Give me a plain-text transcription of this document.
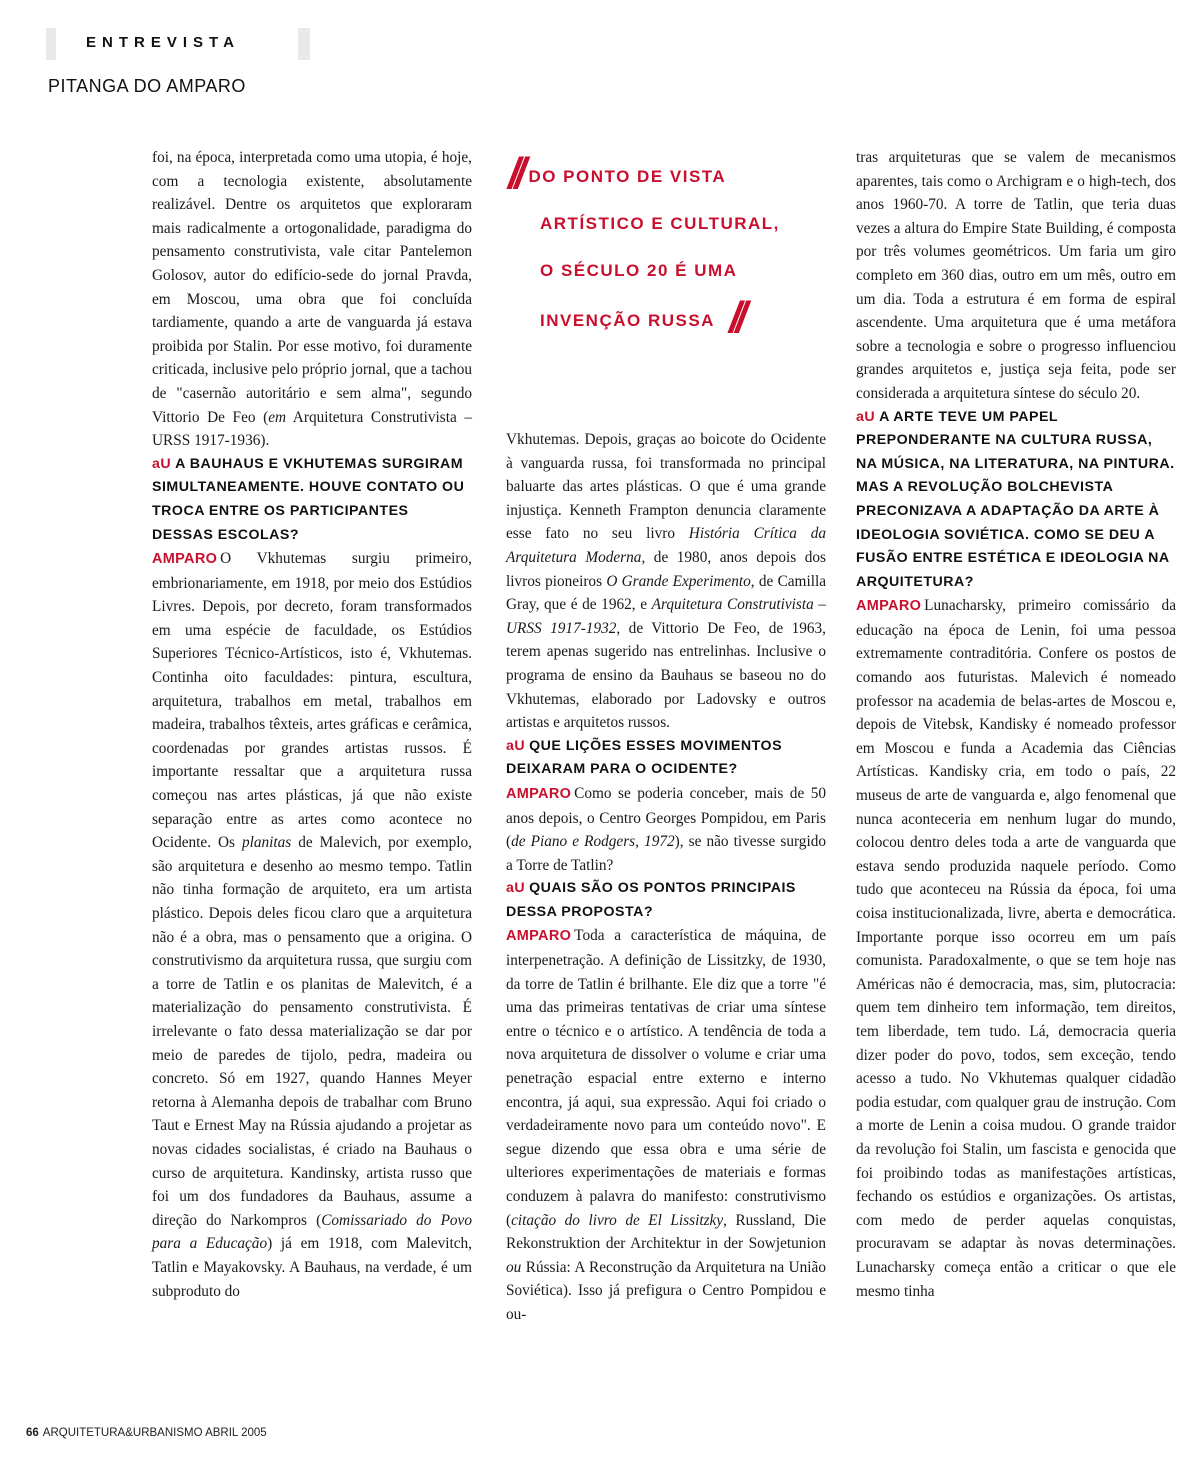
ENTREVISTA
PITANGA DO AMPARO

foi, na época, interpretada como uma utopia, é hoje, com a tecnologia existente, absolutamente realizável. Dentre os arquitetos que exploraram mais radicalmente a ortogonalidade, paradigma do pensamento construtivista, vale citar Pantelemon Golosov, autor do edifício-sede do jornal Pravda, em Moscou, uma obra que foi concluída tardiamente, quando a arte de vanguarda já estava proibida por Stalin. Por esse motivo, foi duramente criticada, inclusive pelo próprio jornal, que a tachou de "casernão autoritário e sem alma", segundo Vittorio De Feo (em Arquitetura Construtivista – URSS 1917-1936).

aU A BAUHAUS E VKHUTEMAS SURGIRAM SIMULTANEAMENTE. HOUVE CONTATO OU TROCA ENTRE OS PARTICIPANTES DESSAS ESCOLAS?

AMPARO O Vkhutemas surgiu primeiro, embrionariamente, em 1918, por meio dos Estúdios Livres. Depois, por decreto, foram transformados em uma espécie de faculdade, os Estúdios Superiores Técnico-Artísticos, isto é, Vkhutemas. Continha oito faculdades: pintura, escultura, arquitetura, trabalhos em metal, trabalhos em madeira, trabalhos têxteis, artes gráficas e cerâmica, coordenadas por grandes artistas russos. É importante ressaltar que a arquitetura russa começou nas artes plásticas, já que não existe separação entre as artes como acontece no Ocidente. Os planitas de Malevich, por exemplo, são arquitetura e desenho ao mesmo tempo. Tatlin não tinha formação de arquiteto, era um artista plástico. Depois deles ficou claro que a arquitetura não é a obra, mas o pensamento que a origina. O construtivismo da arquitetura russa, que surgiu com a torre de Tatlin e os planitas de Malevitch, é a materialização do pensamento construtivista. É irrelevante o fato dessa materialização se dar por meio de paredes de tijolo, pedra, madeira ou concreto. Só em 1927, quando Hannes Meyer retorna à Alemanha depois de trabalhar com Bruno Taut e Ernest May na Rússia ajudando a projetar as novas cidades socialistas, é criado na Bauhaus o curso de arquitetura. Kandinsky, artista russo que foi um dos fundadores da Bauhaus, assume a direção do Narkompros (Comissariado do Povo para a Educação) já em 1918, com Malevitch, Tatlin e Mayakovsky. A Bauhaus, na verdade, é um subproduto do

// DO PONTO DE VISTA
ARTÍSTICO E CULTURAL,
O SÉCULO 20 É UMA
INVENÇÃO RUSSA //

Vkhutemas. Depois, graças ao boicote do Ocidente à vanguarda russa, foi transformada no principal baluarte das artes plásticas. O que é uma grande injustiça. Kenneth Frampton denuncia claramente esse fato no seu livro História Crítica da Arquitetura Moderna, de 1980, anos depois dos livros pioneiros O Grande Experimento, de Camilla Gray, que é de 1962, e Arquitetura Construtivista – URSS 1917-1932, de Vittorio De Feo, de 1963, terem apenas sugerido nas entrelinhas. Inclusive o programa de ensino da Bauhaus se baseou no do Vkhutemas, elaborado por Ladovsky e outros artistas e arquitetos russos.

aU QUE LIÇÕES ESSES MOVIMENTOS DEIXARAM PARA O OCIDENTE?

AMPARO Como se poderia conceber, mais de 50 anos depois, o Centro Georges Pompidou, em Paris (de Piano e Rodgers, 1972), se não tivesse surgido a Torre de Tatlin?

aU QUAIS SÃO OS PONTOS PRINCIPAIS DESSA PROPOSTA?

AMPARO Toda a característica de máquina, de interpenetração. A definição de Lissitzky, de 1930, da torre de Tatlin é brilhante. Ele diz que a torre "é uma das primeiras tentativas de criar uma síntese entre o técnico e o artístico. A tendência de toda a nova arquitetura de dissolver o volume e criar uma penetração espacial entre externo e interno encontra, já aqui, sua expressão. Aqui foi criado o verdadeiramente novo para um conteúdo novo". E segue dizendo que essa obra e uma série de ulteriores experimentações de materiais e formas conduzem à palavra do manifesto: construtivismo (citação do livro de El Lissitzky, Russland, Die Rekonstruktion der Architektur in der Sowjetunion ou Rússia: A Reconstrução da Arquitetura na União Soviética). Isso já prefigura o Centro Pompidou e ou-

tras arquiteturas que se valem de mecanismos aparentes, tais como o Archigram e o high-tech, dos anos 1960-70. A torre de Tatlin, que teria duas vezes a altura do Empire State Building, é composta por três volumes geométricos. Um faria um giro completo em 360 dias, outro em um mês, outro em um dia. Toda a estrutura é em forma de espiral ascendente. Uma arquitetura que é uma metáfora sobre a tecnologia e sobre o progresso influenciou grandes arquitetos e, justiça seja feita, pode ser considerada a arquitetura síntese do século 20.

aU A ARTE TEVE UM PAPEL PREPONDERANTE NA CULTURA RUSSA, NA MÚSICA, NA LITERATURA, NA PINTURA. MAS A REVOLUÇÃO BOLCHEVISTA PRECONIZAVA A ADAPTAÇÃO DA ARTE À IDEOLOGIA SOVIÉTICA. COMO SE DEU A FUSÃO ENTRE ESTÉTICA E IDEOLOGIA NA ARQUITETURA?

AMPARO Lunacharsky, primeiro comissário da educação na época de Lenin, foi uma pessoa extremamente contraditória. Confere os postos de comando aos futuristas. Malevich é nomeado professor na academia de belas-artes de Moscou e, depois de Vitebsk, Kandisky é nomeado professor em Moscou e funda a Academia das Ciências Artísticas. Kandisky cria, em todo o país, 22 museus de arte de vanguarda e, algo fenomenal que nunca aconteceria em nenhum lugar do mundo, colocou dentro deles toda a arte de vanguarda que estava sendo produzida naquele período. Como tudo que aconteceu na Rússia da época, foi uma coisa institucionalizada, livre, aberta e democrática. Importante porque isso ocorreu em um país comunista. Paradoxalmente, o que se tem hoje nas Américas não é democracia, mas, sim, plutocracia: quem tem dinheiro tem informação, tem direitos, tem liberdade, tem tudo. Lá, democracia queria dizer poder do povo, todos, sem exceção, tendo acesso a tudo. No Vkhutemas qualquer cidadão podia estudar, com qualquer grau de instrução. Com a morte de Lenin a coisa mudou. O grande traidor da revolução foi Stalin, um fascista e genocida que foi proibindo todas as manifestações artísticas, fechando os estúdios e organizações. Os artistas, com medo de perder aquelas conquistas, procuravam se adaptar às novas determinações. Lunacharsky começa então a criticar o que ele mesmo tinha

66 ARQUITETURA&URBANISMO ABRIL 2005
